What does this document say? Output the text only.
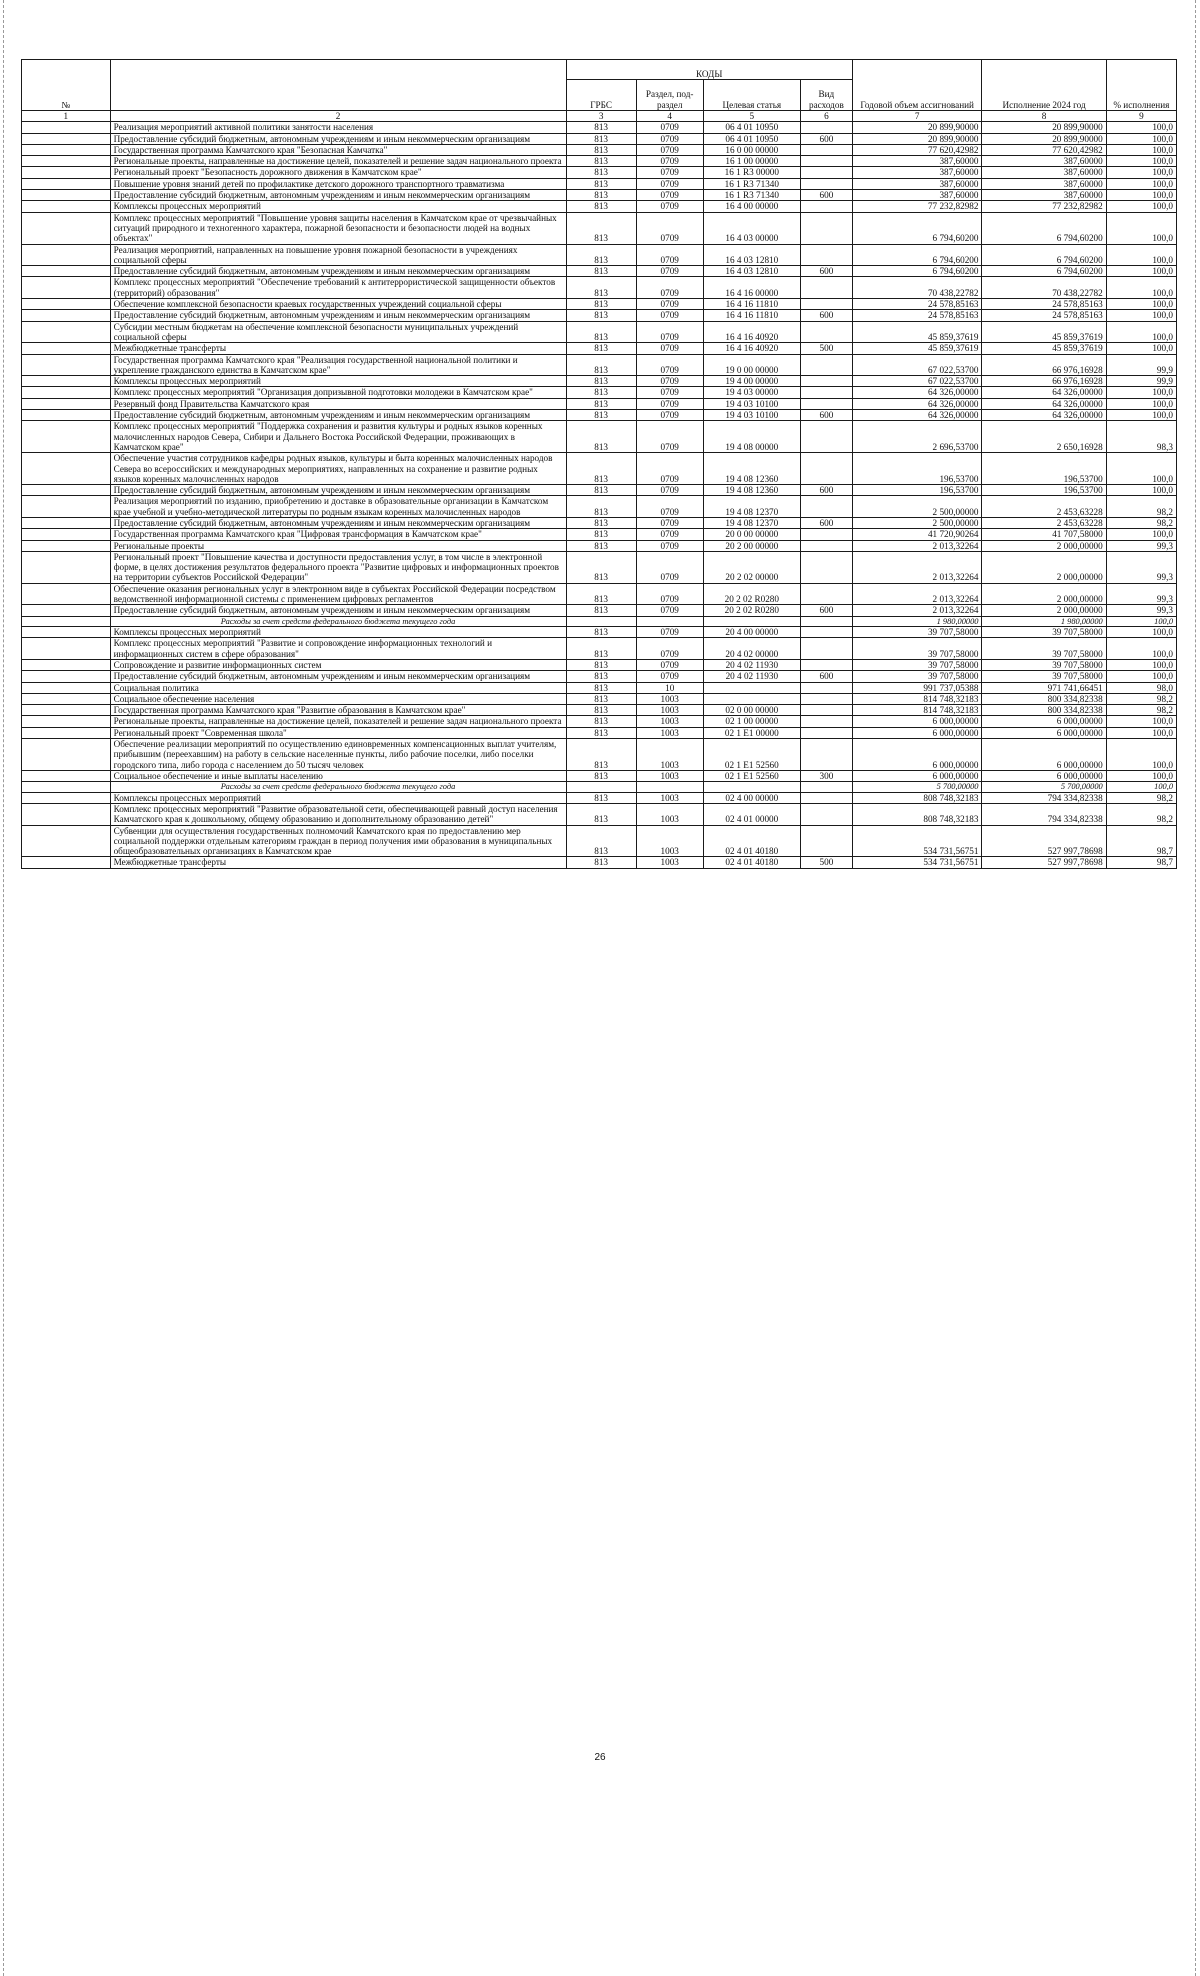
№		КОДЫ				Годовой объем ассигнований	Исполнение 2024 год	% исполнения
		ГРБС	Раздел, под-раздел	Целевая статья	Вид расходов			
1	2	3	4	5	6	7	8	9
	Реализация мероприятий активной политики занятости населения	813	0709	06 4 01 10950		20 899,90000	20 899,90000	100,0
	Предоставление субсидий бюджетным, автономным учреждениям и иным некоммерческим организациям	813	0709	06 4 01 10950	600	20 899,90000	20 899,90000	100,0
	Государственная программа Камчатского края "Безопасная Камчатка"	813	0709	16 0 00 00000		77 620,42982	77 620,42982	100,0
	Региональные проекты, направленные на достижение целей, показателей и решение задач национального проекта	813	0709	16 1 00 00000		387,60000	387,60000	100,0
	Региональный проект "Безопасность дорожного движения в Камчатском крае"	813	0709	16 1 R3 00000		387,60000	387,60000	100,0
	Повышение уровня знаний детей по профилактике детского дорожного транспортного травматизма	813	0709	16 1 R3 71340		387,60000	387,60000	100,0
	Предоставление субсидий бюджетным, автономным учреждениям и иным некоммерческим организациям	813	0709	16 1 R3 71340	600	387,60000	387,60000	100,0
	Комплексы процессных мероприятий	813	0709	16 4 00 00000		77 232,82982	77 232,82982	100,0
	Комплекс процессных мероприятий "Повышение уровня защиты населения в Камчатском крае от чрезвычайных ситуаций природного и техногенного характера, пожарной безопасности и безопасности людей на водных объектах"	813	0709	16 4 03 00000		6 794,60200	6 794,60200	100,0
	Реализация мероприятий, направленных на повышение уровня пожарной безопасности в учреждениях социальной сферы	813	0709	16 4 03 12810		6 794,60200	6 794,60200	100,0
	Предоставление субсидий бюджетным, автономным учреждениям и иным некоммерческим организациям	813	0709	16 4 03 12810	600	6 794,60200	6 794,60200	100,0
	Комплекс процессных мероприятий "Обеспечение требований к антитеррористической защищенности объектов (территорий) образования"	813	0709	16 4 16 00000		70 438,22782	70 438,22782	100,0
	Обеспечение комплексной безопасности краевых государственных учреждений социальной сферы	813	0709	16 4 16 11810		24 578,85163	24 578,85163	100,0
	Предоставление субсидий бюджетным, автономным учреждениям и иным некоммерческим организациям	813	0709	16 4 16 11810	600	24 578,85163	24 578,85163	100,0
	Субсидии местным бюджетам на обеспечение комплексной безопасности муниципальных учреждений социальной сферы	813	0709	16 4 16 40920		45 859,37619	45 859,37619	100,0
	Межбюджетные трансферты	813	0709	16 4 16 40920	500	45 859,37619	45 859,37619	100,0
	Государственная программа Камчатского края "Реализация государственной национальной политики и укрепление гражданского единства в Камчатском крае"	813	0709	19 0 00 00000		67 022,53700	66 976,16928	99,9
	Комплексы процессных мероприятий	813	0709	19 4 00 00000		67 022,53700	66 976,16928	99,9
	Комплекс процессных мероприятий "Организация допризывной подготовки молодежи в Камчатском крае"	813	0709	19 4 03 00000		64 326,00000	64 326,00000	100,0
	Резервный фонд Правительства Камчатского края	813	0709	19 4 03 10100		64 326,00000	64 326,00000	100,0
	Предоставление субсидий бюджетным, автономным учреждениям и иным некоммерческим организациям	813	0709	19 4 03 10100	600	64 326,00000	64 326,00000	100,0
	Комплекс процессных мероприятий "Поддержка сохранения и развития культуры и родных языков коренных малочисленных народов Севера, Сибири и Дальнего Востока Российской Федерации, проживающих в Камчатском крае"	813	0709	19 4 08 00000		2 696,53700	2 650,16928	98,3
	Обеспечение участия сотрудников кафедры родных языков, культуры и быта коренных малочисленных народов Севера во всероссийских и международных мероприятиях, направленных на сохранение и развитие родных языков коренных малочисленных народов	813	0709	19 4 08 12360		196,53700	196,53700	100,0
	Предоставление субсидий бюджетным, автономным учреждениям и иным некоммерческим организациям	813	0709	19 4 08 12360	600	196,53700	196,53700	100,0
	Реализация мероприятий по изданию, приобретению и доставке в образовательные организации в Камчатском крае учебной и учебно-методической литературы по родным языкам коренных малочисленных народов	813	0709	19 4 08 12370		2 500,00000	2 453,63228	98,2
	Предоставление субсидий бюджетным, автономным учреждениям и иным некоммерческим организациям	813	0709	19 4 08 12370	600	2 500,00000	2 453,63228	98,2
	Государственная программа Камчатского края "Цифровая трансформация в Камчатском крае"	813	0709	20 0 00 00000		41 720,90264	41 707,58000	100,0
	Региональные проекты	813	0709	20 2 00 00000		2 013,32264	2 000,00000	99,3
	Региональный проект "Повышение качества и доступности предоставления услуг, в том числе в электронной форме, в целях достижения результатов федерального проекта "Развитие цифровых и информационных проектов на территории субъектов Российской Федерации"	813	0709	20 2 02 00000		2 013,32264	2 000,00000	99,3
	Обеспечение оказания региональных услуг в электронном виде в субъектах Российской Федерации посредством ведомственной информационной системы с применением цифровых регламентов	813	0709	20 2 02 R0280		2 013,32264	2 000,00000	99,3
	Предоставление субсидий бюджетным, автономным учреждениям и иным некоммерческим организациям	813	0709	20 2 02 R0280	600	2 013,32264	2 000,00000	99,3
	Расходы за счет средств федерального бюджета текущего года					1 980,00000	1 980,00000	100,0
	Комплексы процессных мероприятий	813	0709	20 4 00 00000		39 707,58000	39 707,58000	100,0
	Комплекс процессных мероприятий "Развитие и сопровождение информационных технологий и информационных систем в сфере образования"	813	0709	20 4 02 00000		39 707,58000	39 707,58000	100,0
	Сопровождение и развитие информационных систем	813	0709	20 4 02 11930		39 707,58000	39 707,58000	100,0
	Предоставление субсидий бюджетным, автономным учреждениям и иным некоммерческим организациям	813	0709	20 4 02 11930	600	39 707,58000	39 707,58000	100,0
	Социальная политика	813	10			991 737,05388	971 741,66451	98,0
	Социальное обеспечение населения	813	1003			814 748,32183	800 334,82338	98,2
	Государственная программа Камчатского края "Развитие образования в Камчатском крае"	813	1003	02 0 00 00000		814 748,32183	800 334,82338	98,2
	Региональные проекты, направленные на достижение целей, показателей и решение задач национального проекта	813	1003	02 1 00 00000		6 000,00000	6 000,00000	100,0
	Региональный проект "Современная школа"	813	1003	02 1 E1 00000		6 000,00000	6 000,00000	100,0
	Обеспечение реализации мероприятий по осуществлению единовременных компенсационных выплат учителям, прибывшим (переехавшим) на работу в сельские населенные пункты, либо рабочие поселки, либо поселки городского типа, либо города с населением до 50 тысяч человек	813	1003	02 1 E1 52560		6 000,00000	6 000,00000	100,0
	Социальное обеспечение и иные выплаты населению	813	1003	02 1 E1 52560	300	6 000,00000	6 000,00000	100,0
	Расходы за счет средств федерального бюджета текущего года					5 700,00000	5 700,00000	100,0
	Комплексы процессных мероприятий	813	1003	02 4 00 00000		808 748,32183	794 334,82338	98,2
	Комплекс процессных мероприятий "Развитие образовательной сети, обеспечивающей равный доступ населения Камчатского края к дошкольному, общему образованию и дополнительному образованию детей"	813	1003	02 4 01 00000		808 748,32183	794 334,82338	98,2
	Субвенции для осуществления государственных полномочий Камчатского края по предоставлению мер социальной поддержки отдельным категориям граждан в период получения ими образования в муниципальных общеобразовательных организациях в Камчатском крае	813	1003	02 4 01 40180		534 731,56751	527 997,78698	98,7
	Межбюджетные трансферты	813	1003	02 4 01 40180	500	534 731,56751	527 997,78698	98,7
26
